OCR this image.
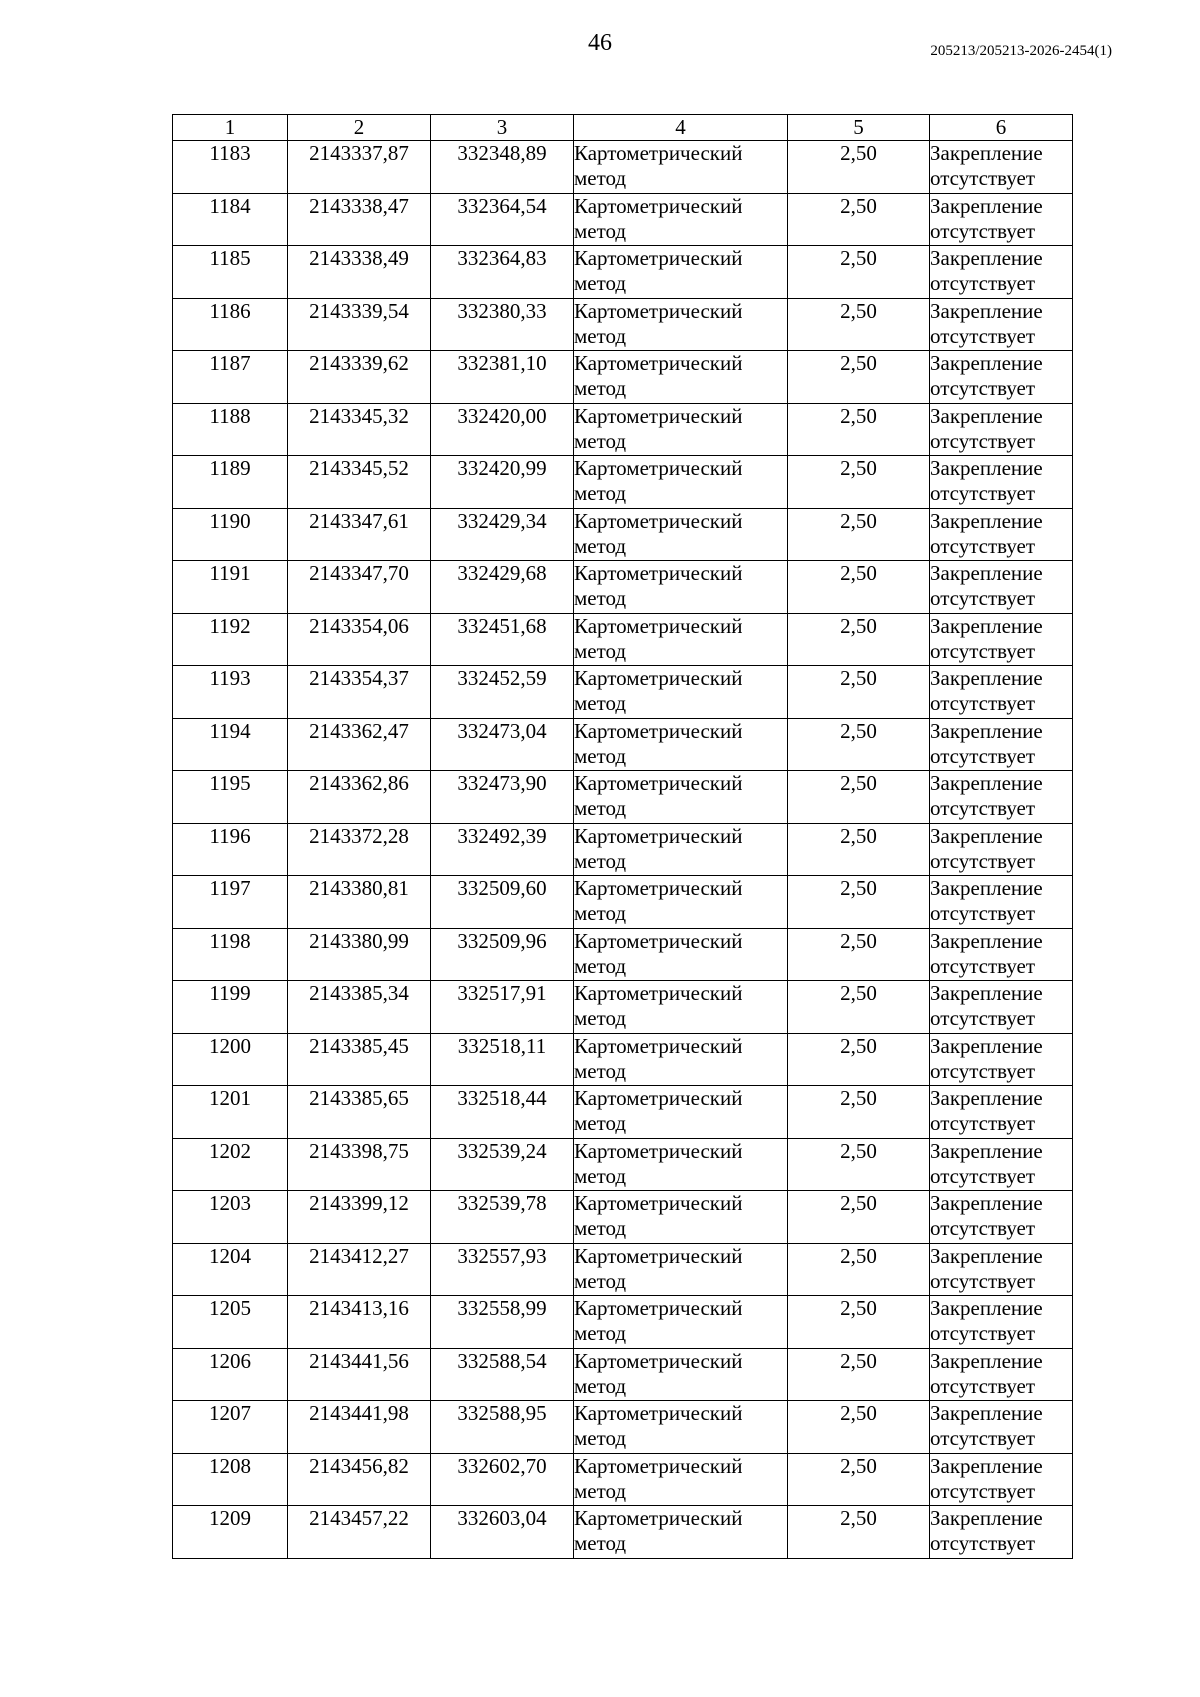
46	205213/205213-2026-2454(1)
1	2	3	4	5	6

1183	2143337,87	332348,89	Картометрический
метод	2,50	Закрепление
отсутствует

1184	2143338,47	332364,54	Картометрический
метод	2,50	Закрепление
отсутствует

1185	2143338,49	332364,83	Картометрический
метод	2,50	Закрепление
отсутствует

1186	2143339,54	332380,33	Картометрический
метод	2,50	Закрепление
отсутствует

1187	2143339,62	332381,10	Картометрический
метод	2,50	Закрепление
отсутствует

1188	2143345,32	332420,00	Картометрический
метод	2,50	Закрепление
отсутствует

1189	2143345,52	332420,99	Картометрический
метод	2,50	Закрепление
отсутствует

1190	2143347,61	332429,34	Картометрический
метод	2,50	Закрепление
отсутствует

1191	2143347,70	332429,68	Картометрический
метод	2,50	Закрепление
отсутствует

1192	2143354,06	332451,68	Картометрический
метод	2,50	Закрепление
отсутствует

1193	2143354,37	332452,59	Картометрический
метод	2,50	Закрепление
отсутствует

1194	2143362,47	332473,04	Картометрический
метод	2,50	Закрепление
отсутствует

1195	2143362,86	332473,90	Картометрический
метод	2,50	Закрепление
отсутствует

1196	2143372,28	332492,39	Картометрический
метод	2,50	Закрепление
отсутствует

1197	2143380,81	332509,60	Картометрический
метод	2,50	Закрепление
отсутствует

1198	2143380,99	332509,96	Картометрический
метод	2,50	Закрепление
отсутствует

1199	2143385,34	332517,91	Картометрический
метод	2,50	Закрепление
отсутствует

1200	2143385,45	332518,11	Картометрический
метод	2,50	Закрепление
отсутствует

1201	2143385,65	332518,44	Картометрический
метод	2,50	Закрепление
отсутствует

1202	2143398,75	332539,24	Картометрический
метод	2,50	Закрепление
отсутствует

1203	2143399,12	332539,78	Картометрический
метод	2,50	Закрепление
отсутствует

1204	2143412,27	332557,93	Картометрический
метод	2,50	Закрепление
отсутствует

1205	2143413,16	332558,99	Картометрический
метод	2,50	Закрепление
отсутствует

1206	2143441,56	332588,54	Картометрический
метод	2,50	Закрепление
отсутствует

1207	2143441,98	332588,95	Картометрический
метод	2,50	Закрепление
отсутствует

1208	2143456,82	332602,70	Картометрический
метод	2,50	Закрепление
отсутствует

1209	2143457,22	332603,04	Картометрический
метод	2,50	Закрепление
отсутствует
